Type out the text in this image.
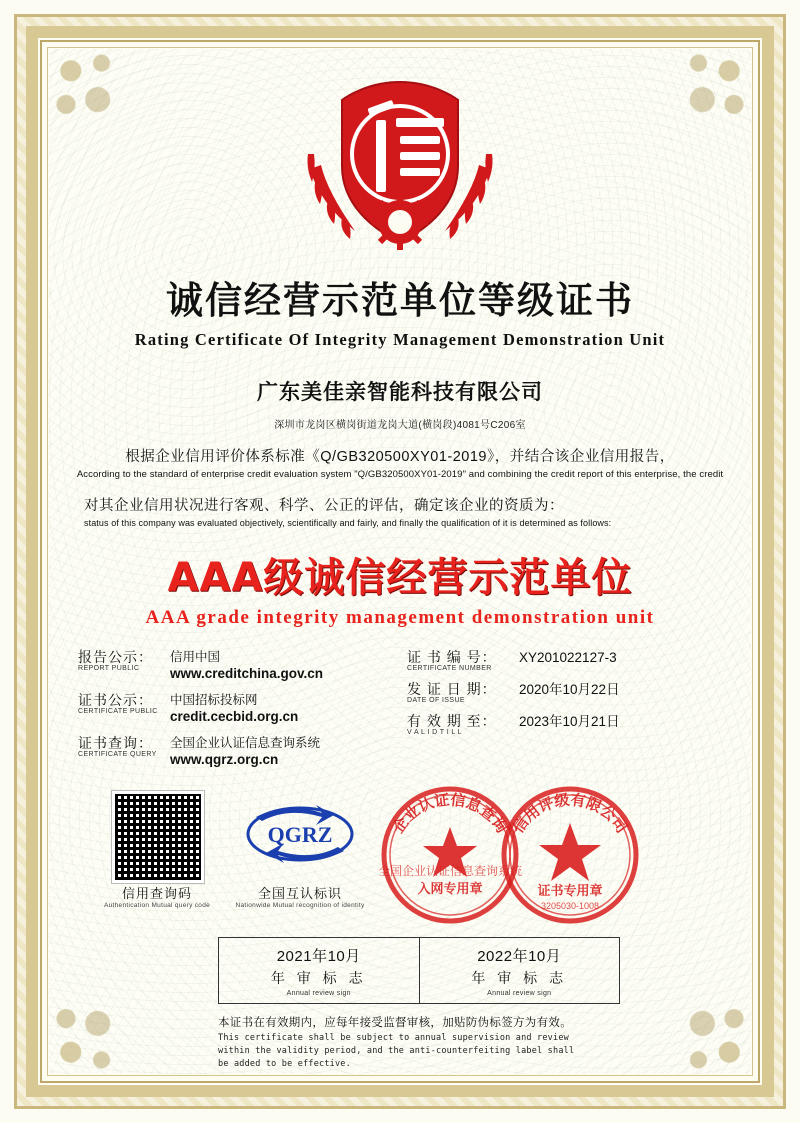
诚信经营示范单位等级证书
Rating Certificate Of Integrity Management Demonstration Unit
广东美佳亲智能科技有限公司
深圳市龙岗区横岗街道龙岗大道(横岗段)4081号C206室
根据企业信用评价体系标准《Q/GB320500XY01-2019》，并结合该企业信用报告，
According to the standard of enterprise credit evaluation system "Q/GB320500XY01-2019" and combining the credit report of this enterprise, the credit
对其企业信用状况进行客观、科学、公正的评估，确定该企业的资质为：
status of this company was evaluated objectively, scientifically and fairly, and finally the qualification of it is determined as follows:
AAA级诚信经营示范单位
AAA grade integrity management demonstration unit
报告公示：
REPORT PUBLIC
信用中国
www.creditchina.gov.cn
证书公示：
CERTIFICATE PUBLIC
中国招标投标网
credit.cecbid.org.cn
证书查询：
CERTIFICATE QUERY
全国企业认证信息查询系统
www.qgrz.org.cn
证 书 编 号：
CERTIFICATE NUMBER
XY201022127-3
发 证 日 期：
DATE OF ISSUE
2020年10月22日
有 效 期 至：
V A L I D T I L L
2023年10月21日
信用查询码
Authentication Mutual query code
QGRZ
全国互认标识
Nationwide Mutual recognition of identity
企业认证信息查询
入网专用章
全国企业认证信息查询系统
信用评级有限公司
证书专用章
3205030-1008
2021年10月
年 审 标 志
Annual review sign
2022年10月
年 审 标 志
Annual review sign
本证书在有效期内，应每年接受监督审核，加贴防伪标签方为有效。
This certificate shall be subject to annual supervision and review
within the validity period, and the anti-counterfeiting label shall
be added to be effective.
